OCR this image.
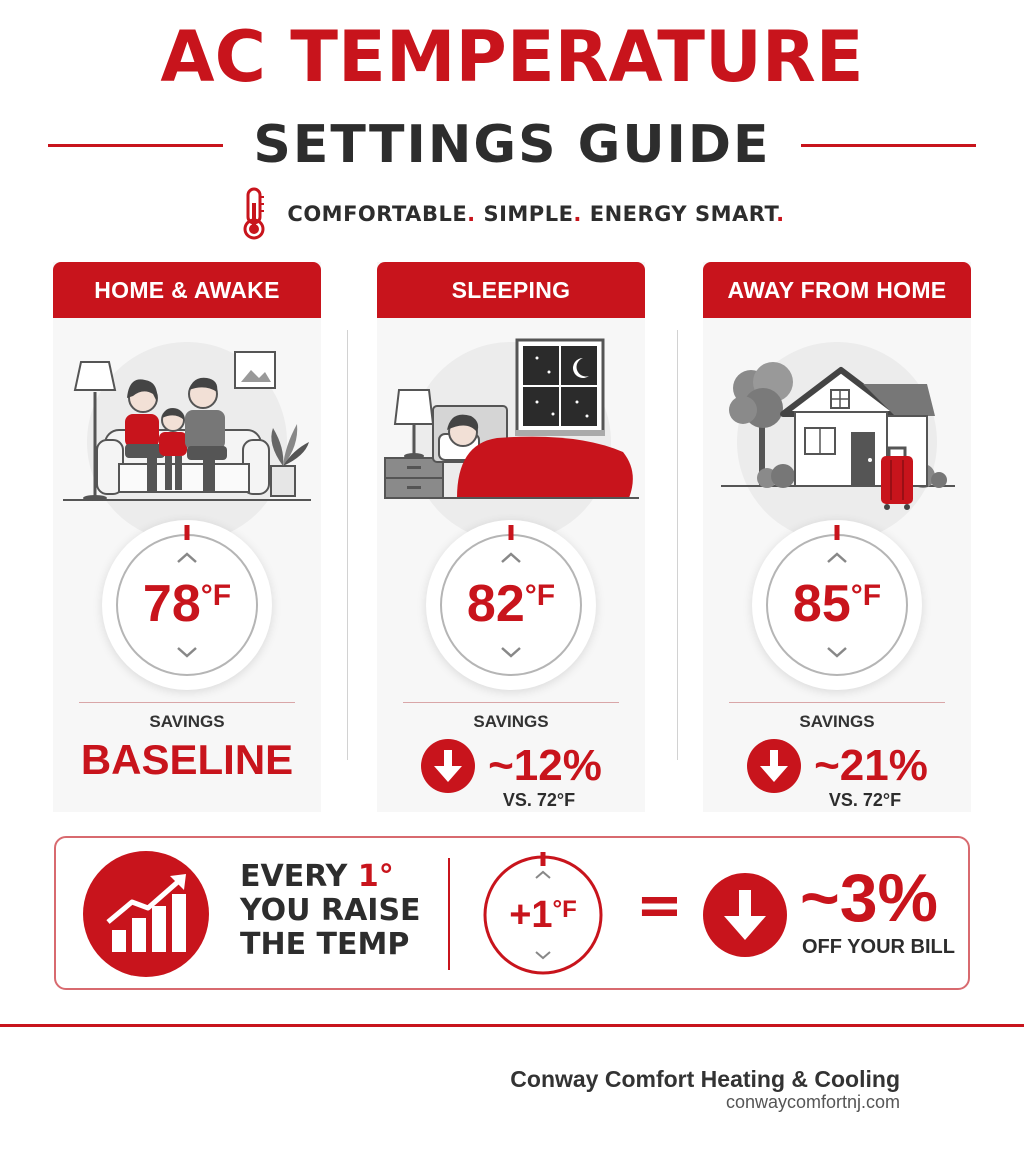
AC TEMPERATURE
SETTINGS GUIDE
COMFORTABLE. SIMPLE. ENERGY SMART.
HOME & AWAKE
$78^{^\circ F}$
SAVINGS
BASELINE
SLEEPING
$82^{^\circ F}$
SAVINGS
~12%
VS. 72°F
AWAY FROM HOME
$85^{^\circ F}$
SAVINGS
~21%
VS. 72°F
EVERY 1°
YOU RAISE
THE TEMP
$+1^{^\circ F}$	= ~3%
OFF YOUR BILL
Conway Comfort Heating & Cooling
conwaycomfortnj.com
